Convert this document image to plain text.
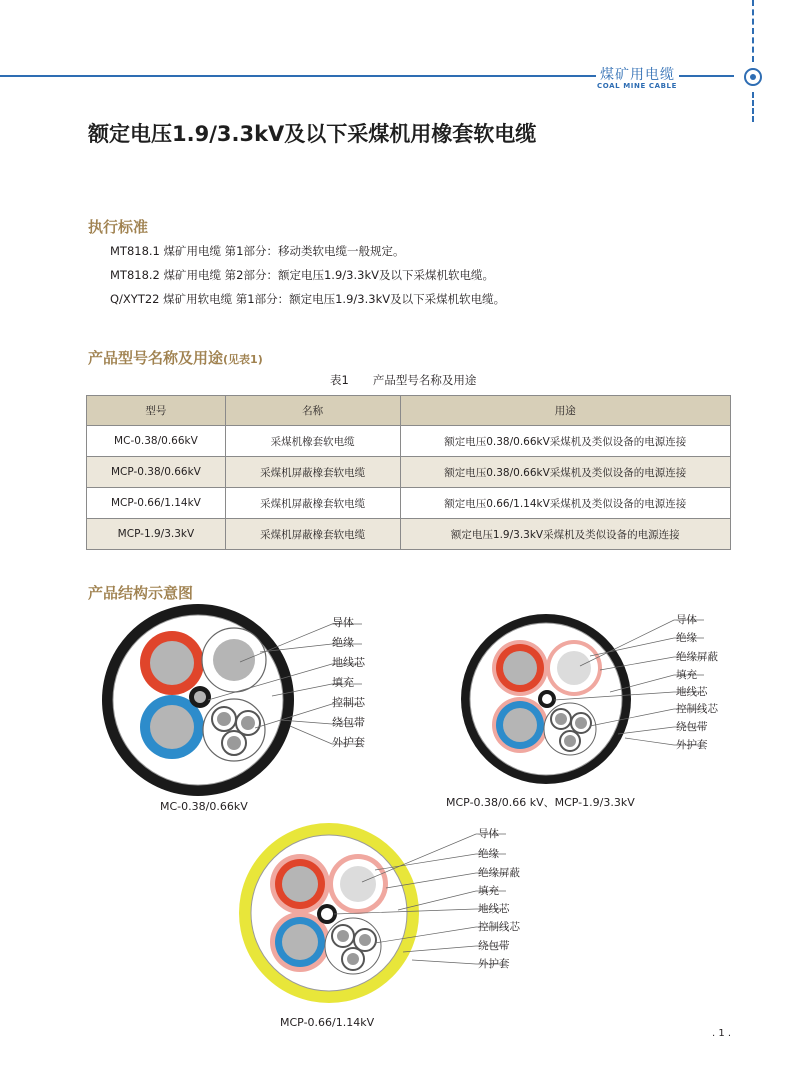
煤矿用电缆
COAL MINE CABLE
额定电压1.9/3.3kV及以下采煤机用橡套软电缆
执行标准
MT818.1 煤矿用电缆 第1部分：移动类软电缆一般规定。
MT818.2 煤矿用电缆 第2部分：额定电压1.9/3.3kV及以下采煤机软电缆。
Q/XYT22 煤矿用软电缆 第1部分：额定电压1.9/3.3kV及以下采煤机软电缆。
产品型号名称及用途(见表1)
表1 产品型号名称及用途
型号	名称	用途
MC-0.38/0.66kV	采煤机橡套软电缆	额定电压0.38/0.66kV采煤机及类似设备的电源连接
MCP-0.38/0.66kV	采煤机屏蔽橡套软电缆	额定电压0.38/0.66kV采煤机及类似设备的电源连接
MCP-0.66/1.14kV	采煤机屏蔽橡套软电缆	额定电压0.66/1.14kV采煤机及类似设备的电源连接
MCP-1.9/3.3kV	采煤机屏蔽橡套软电缆	额定电压1.9/3.3kV采煤机及类似设备的电源连接
产品结构示意图
导体
绝缘
地线芯
填充
控制芯
绕包带
外护套
MC-0.38/0.66kV
导体
绝缘
绝缘屏蔽
填充
地线芯
控制线芯
绕包带
外护套
MCP-0.38/0.66 kV、MCP-1.9/3.3kV
导体
绝缘
绝缘屏蔽
填充
地线芯
控制线芯
绕包带
外护套
MCP-0.66/1.14kV
. 1 .
